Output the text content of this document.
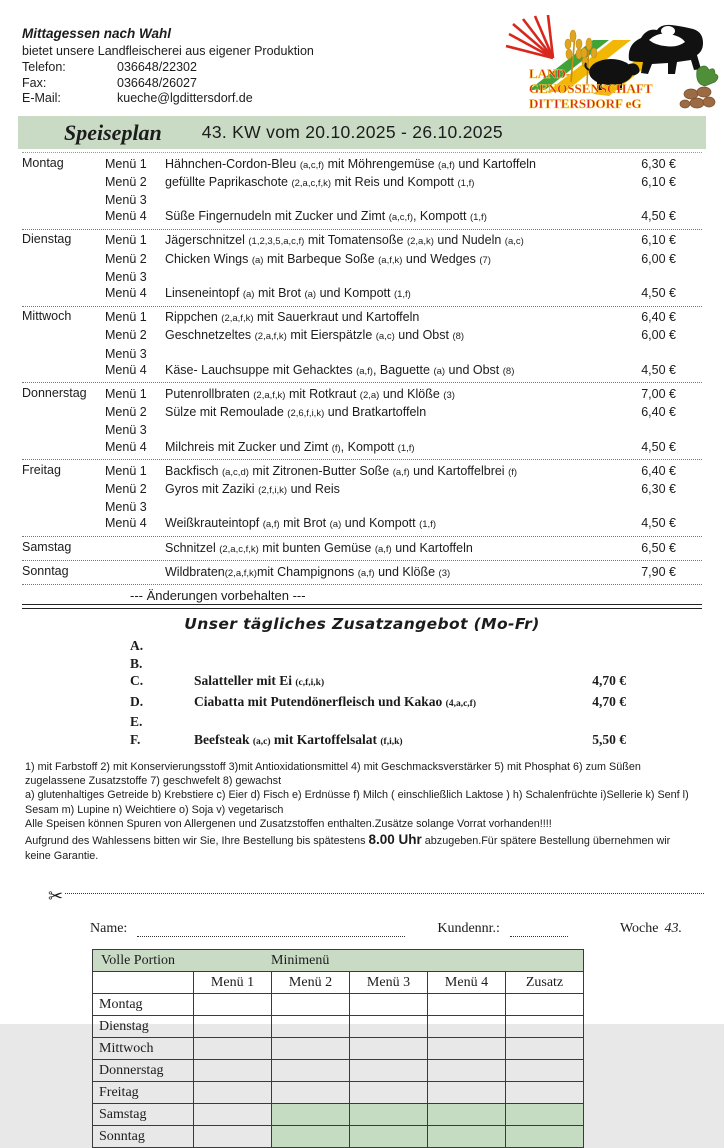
Mittagessen nach Wahl
bietet unsere Landfleischerei aus eigener Produktion
Telefon:	036648/22302
Fax:	036648/26027
E-Mail:	kueche@lgdittersdorf.de
LAND-
GENOSSENSCHAFT
DITTERSDORF eG
Speiseplan 43. KW vom 20.10.2025 - 26.10.2025
Montag	Menü 1	Hähnchen-Cordon-Bleu (a,c,f) mit Möhrengemüse (a,f) und Kartoffeln	6,30 €
Menü 2	gefüllte Paprikaschote (2,a,c,f,k) mit Reis und Kompott (1,f)	6,10 €
Menü 3
Menü 4	Süße Fingernudeln mit Zucker und Zimt (a,c,f), Kompott (1,f)	4,50 €
Dienstag	Menü 1	Jägerschnitzel (1,2,3,5,a,c,f) mit Tomatensoße (2,a,k) und Nudeln (a,c)	6,10 €
Menü 2	Chicken Wings (a) mit Barbeque Soße (a,f,k) und Wedges (7)	6,00 €
Menü 3
Menü 4	Linseneintopf (a) mit Brot (a) und Kompott (1,f)	4,50 €
Mittwoch	Menü 1	Rippchen (2,a,f,k) mit Sauerkraut und Kartoffeln	6,40 €
Menü 2	Geschnetzeltes (2,a,f,k) mit Eierspätzle (a,c) und Obst (8)	6,00 €
Menü 3
Menü 4	Käse- Lauchsuppe mit Gehacktes (a,f), Baguette (a) und Obst (8)	4,50 €
Donnerstag	Menü 1	Putenrollbraten (2,a,f,k) mit Rotkraut (2,a) und Klöße (3)	7,00 €
Menü 2	Sülze mit Remoulade (2,6,f,i,k) und Bratkartoffeln	6,40 €
Menü 3
Menü 4	Milchreis mit Zucker und Zimt (f), Kompott (1,f)	4,50 €
Freitag	Menü 1	Backfisch (a,c,d) mit Zitronen-Butter Soße (a,f) und Kartoffelbrei (f)	6,40 €
Menü 2	Gyros mit Zaziki (2,f,i,k) und Reis	6,30 €
Menü 3
Menü 4	Weißkrauteintopf (a,f) mit Brot (a) und Kompott (1,f)	4,50 €
Samstag	Schnitzel (2,a,c,f,k) mit bunten Gemüse (a,f) und Kartoffeln	6,50 €
Sonntag	Wildbraten(2,a,f,k)mit Champignons (a,f) und Klöße (3)	7,90 €
--- Änderungen vorbehalten ---
Unser tägliches Zusatzangebot (Mo-Fr)
A.
B.
C.	Salatteller mit Ei (c,f,i,k)	4,70 €
D.	Ciabatta mit Putendönerfleisch und Kakao (4,a,c,f)	4,70 €
E.
F.	Beefsteak (a,c) mit Kartoffelsalat (f,i,k)	5,50 €

1) mit Farbstoff 2) mit Konservierungsstoff 3)mit Antioxidationsmittel 4) mit Geschmacksverstärker 5) mit Phosphat 6) zum Süßen zugelassene Zusatzstoffe 7) geschwefelt 8) gewachst

a) glutenhaltiges Getreide b) Krebstiere c) Eier d) Fisch e) Erdnüsse f) Milch ( einschließlich Laktose ) h) Schalenfrüchte i)Sellerie k) Senf l) Sesam m) Lupine n) Weichtiere o) Soja v) vegetarisch

Alle Speisen können Spuren von Allergenen und Zusatzstoffen enthalten.Zusätze solange Vorrat vorhanden!!!!

Aufgrund des Wahlessens bitten wir Sie, Ihre Bestellung bis spätestens 8.00 Uhr abzugeben.Für spätere Bestellung übernehmen wir keine Garantie.

✂
Name:	Kundennr.:	Woche 43.
Volle Portion Minimenü					

	Menü 1	Menü 2	Menü 3	Menü 4	Zusatz
Montag					
Dienstag					
Mittwoch					
Donnerstag					
Freitag					
Samstag					
Sonntag					
